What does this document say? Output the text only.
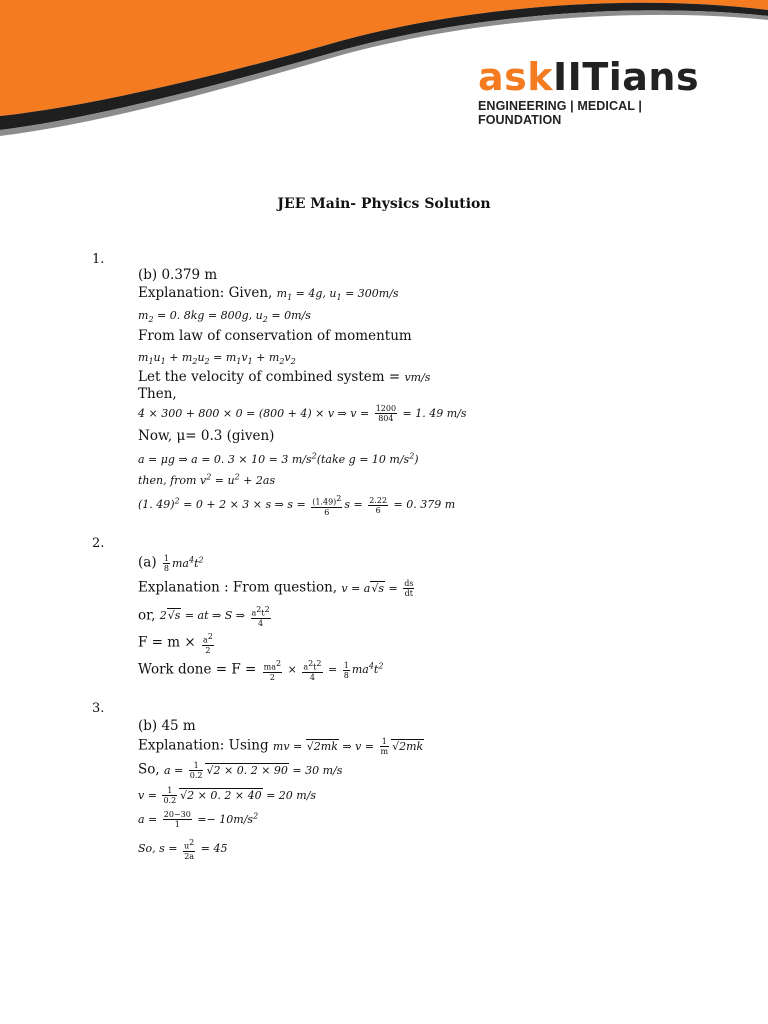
askIITians
ENGINEERING | MEDICAL | FOUNDATION
JEE Main- Physics Solution
1.
(b) 0.379 m
Explanation: Given, $m_1 = 4g$, $u_1 = 300m/s$
$m_2 = 0$. 8kg = 800g, $u_2 = 0m/s$
From law of conservation of momentum
$m_1u_1 + m_2u_2 = m_1v_1 + m_2v_2$
Let the velocity of combined system = vm/s
Then,
4 × 300 + 800 × 0 = (800 + 4) × v ⇒ $v = \frac{1200}{804} = 1$. 49 m/s
Now, μ= 0.3 (given)
a = μg ⇒ a = 0. 3 × 10 = 3 $m/s^2(take$ g = 10 $m/s^2$)
then, from $v^2 = u^2 + 2as$
(1. 49)$^2$ = 0 + 2 × 3 × s ⇒ $s = \frac{(1.49)^2}{6}$ $s = \frac{2.22}{6} = 0$. 379 m
2.
$(a) \frac{1}{8} ma^4t^2$
Explanation : From question, $v = a√s = \frac{ds}{dt}$
or, 2√s = at ⇒ S ⇒ $\frac{a^2t^2}{4}$
$F = m \times \frac{a^2}{2}$
Work done = $F = \frac{ma^2}{2} \times \frac{a^2t^2}{4} = \frac{1}{8} ma^4t^2$
3.
(b) 45 m
Explanation: Using mv = √2mk ⇒ $v = \frac{1}{m} √2mk$
So, $a = \frac{1}{0.2} √2 \times 0$. 2 × 90 = 30 m/s
$v = \frac{1}{0.2} √2 \times 0$. 2 × 40 = 20 m/s
$a = \frac{20-30}{1} =- 10m/s^2$
So, $s = \frac{u^2}{2a} = 45$
